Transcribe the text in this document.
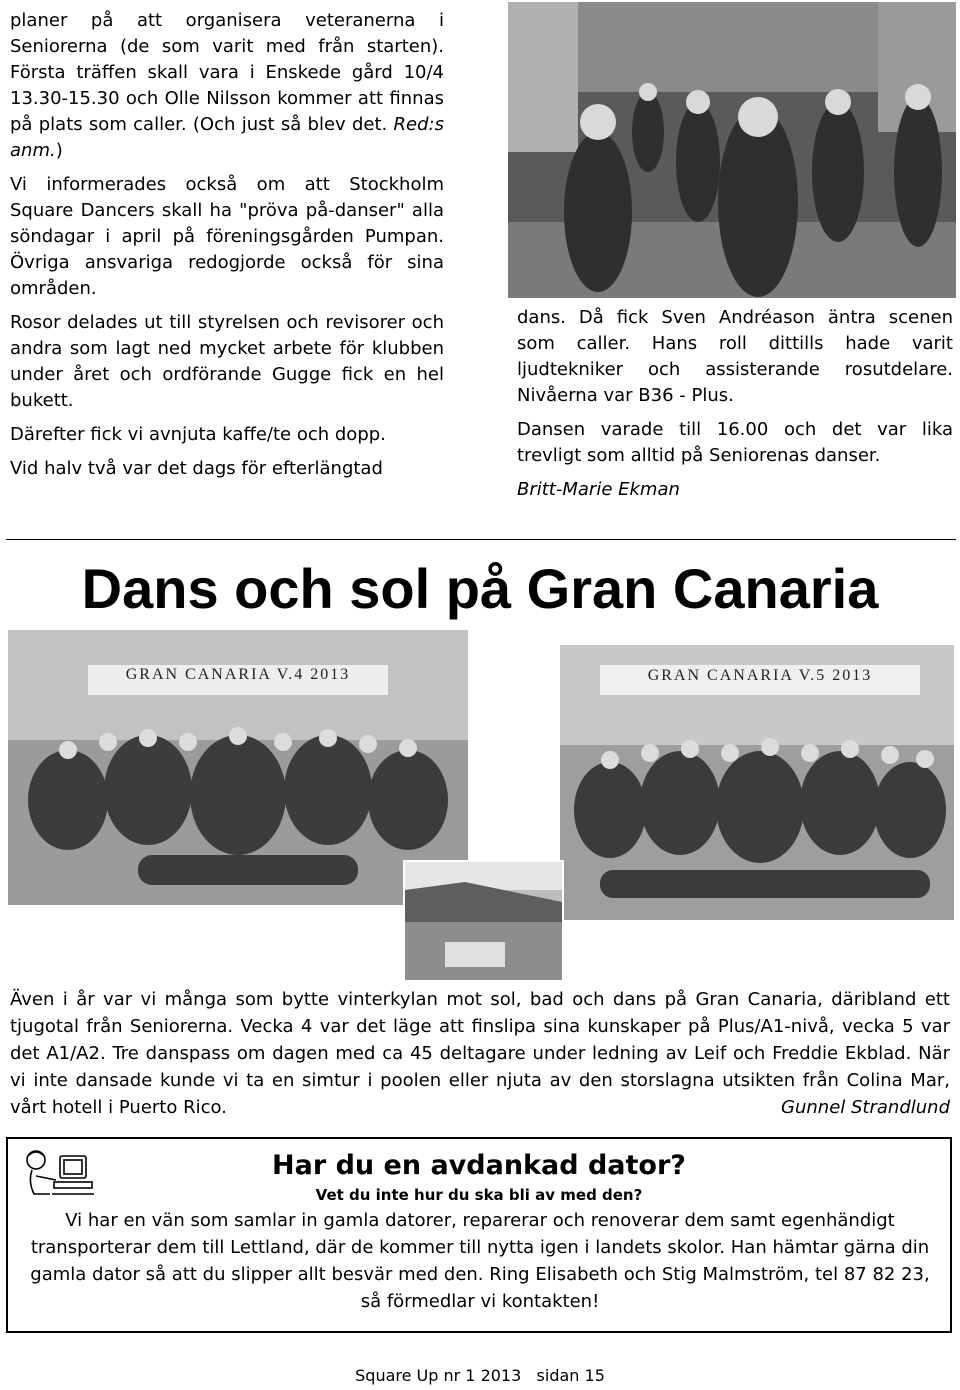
planer på att organisera veteranerna i Seniorerna (de som varit med från starten). Första träffen skall vara i Enskede gård 10/4 13.30-15.30 och Olle Nilsson kommer att finnas på plats som caller. (Och just så blev det. Red:s anm.)

Vi informerades också om att Stockholm Square Dancers skall ha "pröva på-danser" alla söndagar i april på föreningsgården Pumpan. Övriga ansvariga redogjorde också för sina områden.

Rosor delades ut till styrelsen och revisorer och andra som lagt ned mycket arbete för klubben under året och ordförande Gugge fick en hel bukett.

Därefter fick vi avnjuta kaffe/te och dopp.

Vid halv två var det dags för efterlängtad

dans. Då fick Sven Andréason äntra scenen som caller. Hans roll dittills hade varit ljudtekniker och assisterande rosutdelare. Nivåerna var B36 - Plus.

Dansen varade till 16.00 och det var lika trevligt som alltid på Seniorenas danser.

Britt-Marie Ekman

Dans och sol på Gran Canaria
GRAN CANARIA V.4 2013	GRAN CANARIA V.5 2013
Även i år var vi många som bytte vinterkylan mot sol, bad och dans på Gran Canaria, däribland ett tjugotal från Seniorerna. Vecka 4 var det läge att finslipa sina kunskaper på Plus/A1-nivå, vecka 5 var det A1/A2. Tre danspass om dagen med ca 45 deltagare under ledning av Leif och Freddie Ekblad. När vi inte dansade kunde vi ta en simtur i poolen eller njuta av den storslagna utsikten från Colina Mar, vårt hotell i Puerto Rico.	Gunnel Strandlund
Har du en avdankad dator?
Vet du inte hur du ska bli av med den?
Vi har en vän som samlar in gamla datorer, reparerar och renoverar dem samt egenhändigt transporterar dem till Lettland, där de kommer till nytta igen i landets skolor. Han hämtar gärna din gamla dator så att du slipper allt besvär med den. Ring Elisabeth och Stig Malmström, tel 87 82 23, så förmedlar vi kontakten!
Square Up nr 1 2013   sidan 15
